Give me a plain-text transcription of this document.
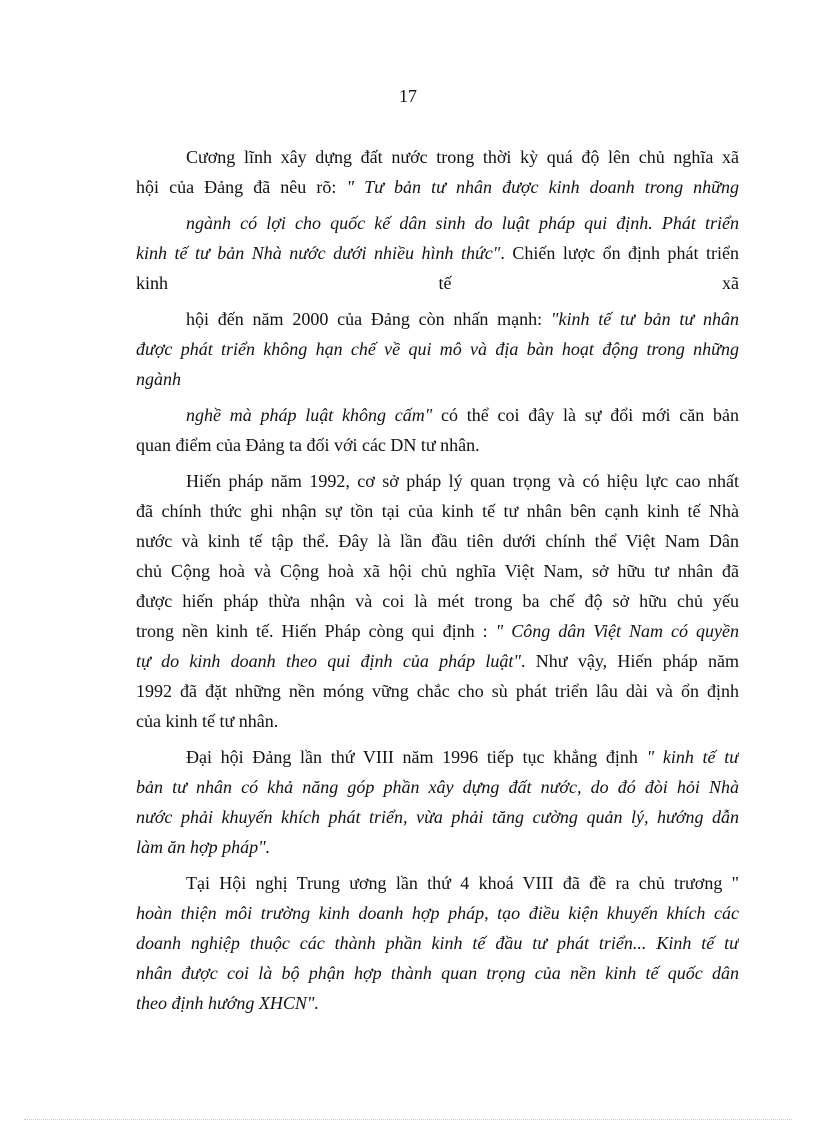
17
Cương lĩnh xây dựng đất nước trong thời kỳ quá độ lên chủ nghĩa xã
hội của Đảng đã nêu rõ: " Tư bản tư nhân được kinh doanh trong những
ngành có lợi cho quốc kế dân sinh do luật pháp qui định. Phát triển
kinh tế tư bản Nhà nước dưới nhiều hình thức". Chiến lược ổn định phát triển
kinh	tế	xã
hội đến năm 2000 của Đảng còn nhấn mạnh: "kinh tế tư bản tư nhân
được phát triển không hạn chế về qui mô và địa bàn hoạt động trong những
ngành
nghề mà pháp luật không cấm" có thể coi đây là sự đổi mới căn bản
quan điểm của Đảng ta đối với các DN tư nhân.
Hiến pháp năm 1992, cơ sở pháp lý quan trọng và có hiệu lực cao nhất
đã chính thức ghi nhận sự tồn tại của kinh tế tư nhân bên cạnh kinh tế Nhà
nước và kinh tế tập thể. Đây là lần đầu tiên dưới chính thể Việt Nam Dân
chủ Cộng hoà và Cộng hoà xã hội chủ nghĩa Việt Nam, sở hữu tư nhân đã
được hiến pháp thừa nhận và coi là mét trong ba chế độ sở hữu chủ yếu
trong nền kinh tế. Hiến Pháp còng qui định : " Công dân Việt Nam có quyền
tự do kinh doanh theo qui định của pháp luật". Như vậy, Hiến pháp năm
1992 đã đặt những nền móng vững chắc cho sù phát triển lâu dài và ổn định
của kinh tế tư nhân.
Đại hội Đảng lần thứ VIII năm 1996 tiếp tục khẳng định " kinh tế tư
bản tư nhân có khả năng góp phần xây dựng đất nước, do đó đòi hỏi Nhà
nước phải khuyến khích phát triển, vừa phải tăng cường quản lý, hướng dẫn
làm ăn hợp pháp".
Tại Hội nghị Trung ương lần thứ 4 khoá VIII đã đề ra chủ trương "
hoàn thiện môi trường kinh doanh hợp pháp, tạo điều kiện khuyến khích các
doanh nghiệp thuộc các thành phần kinh tế đầu tư phát triển... Kinh tế tư
nhân được coi là bộ phận hợp thành quan trọng của nền kinh tế quốc dân
theo định hướng XHCN".
